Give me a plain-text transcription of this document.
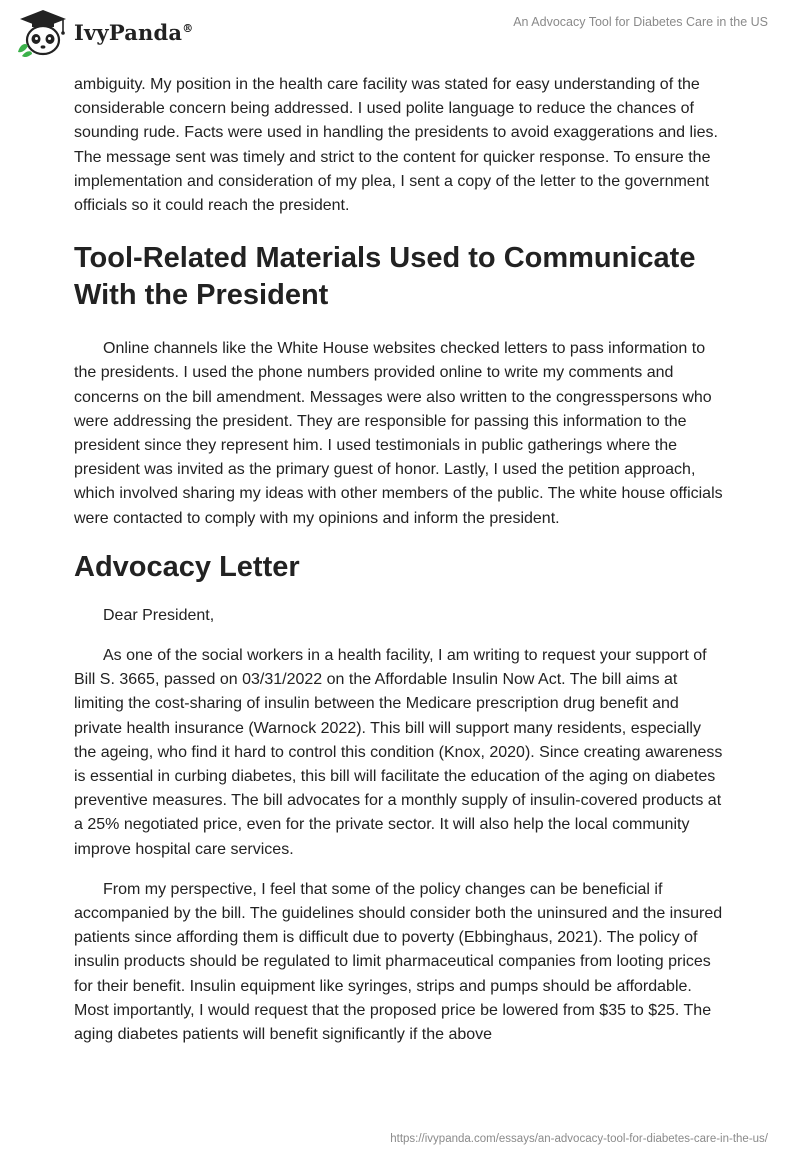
IvyPanda®	An Advocacy Tool for Diabetes Care in the US

ambiguity. My position in the health care facility was stated for easy understanding of the considerable concern being addressed. I used polite language to reduce the chances of sounding rude. Facts were used in handling the presidents to avoid exaggerations and lies. The message sent was timely and strict to the content for quicker response. To ensure the implementation and consideration of my plea, I sent a copy of the letter to the government officials so it could reach the president.

Tool-Related Materials Used to Communicate With the President

Online channels like the White House websites checked letters to pass information to the presidents. I used the phone numbers provided online to write my comments and concerns on the bill amendment. Messages were also written to the congresspersons who were addressing the president. They are responsible for passing this information to the president since they represent him. I used testimonials in public gatherings where the president was invited as the primary guest of honor. Lastly, I used the petition approach, which involved sharing my ideas with other members of the public. The white house officials were contacted to comply with my opinions and inform the president.

Advocacy Letter

Dear President,

As one of the social workers in a health facility, I am writing to request your support of Bill S. 3665, passed on 03/31/2022 on the Affordable Insulin Now Act. The bill aims at limiting the cost-sharing of insulin between the Medicare prescription drug benefit and private health insurance (Warnock 2022). This bill will support many residents, especially the ageing, who find it hard to control this condition (Knox, 2020). Since creating awareness is essential in curbing diabetes, this bill will facilitate the education of the aging on diabetes preventive measures. The bill advocates for a monthly supply of insulin-covered products at a 25% negotiated price, even for the private sector. It will also help the local community improve hospital care services.

From my perspective, I feel that some of the policy changes can be beneficial if accompanied by the bill. The guidelines should consider both the uninsured and the insured patients since affording them is difficult due to poverty (Ebbinghaus, 2021). The policy of insulin products should be regulated to limit pharmaceutical companies from looting prices for their benefit. Insulin equipment like syringes, strips and pumps should be affordable. Most importantly, I would request that the proposed price be lowered from $35 to $25. The aging diabetes patients will benefit significantly if the above

https://ivypanda.com/essays/an-advocacy-tool-for-diabetes-care-in-the-us/
